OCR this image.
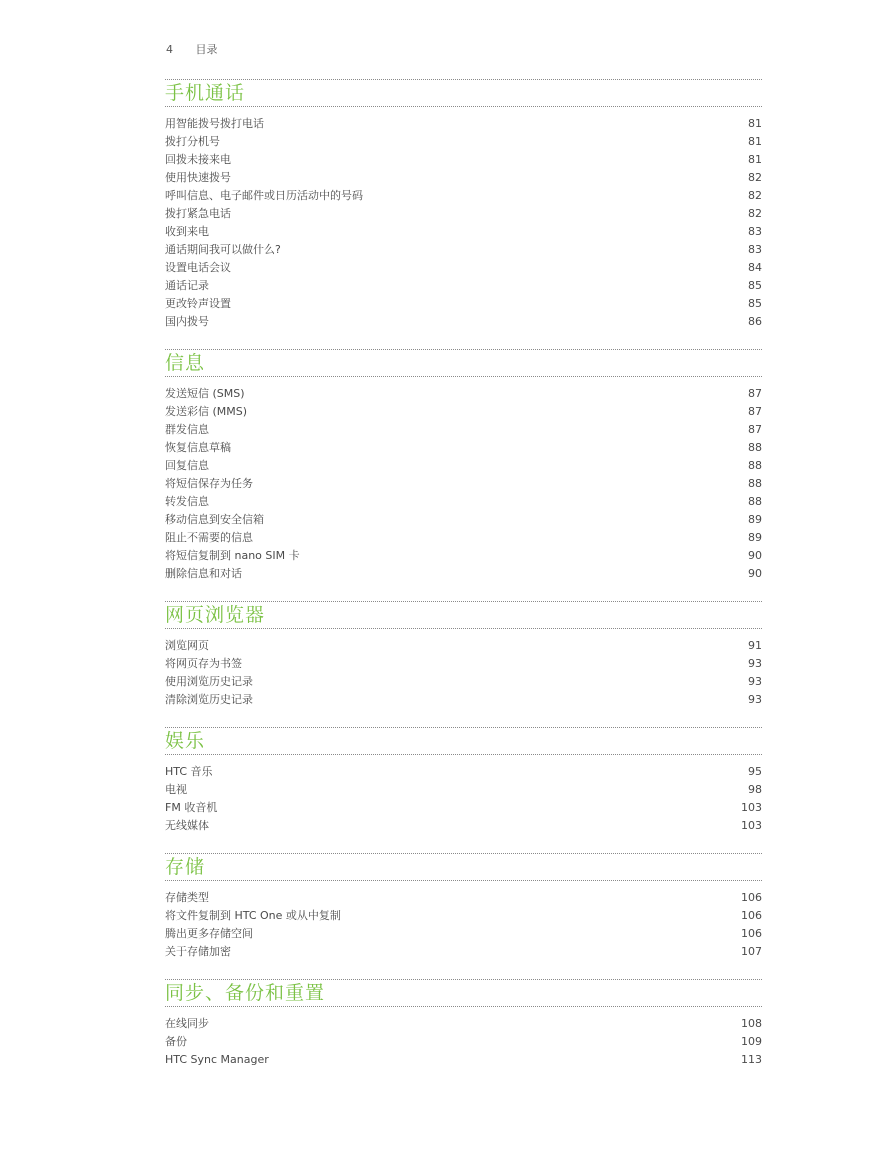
4 目录
手机通话
用智能拨号拨打电话	81
拨打分机号	81
回拨未接来电	81
使用快速拨号	82
呼叫信息、电子邮件或日历活动中的号码	82
拨打紧急电话	82
收到来电	83
通话期间我可以做什么?	83
设置电话会议	84
通话记录	85
更改铃声设置	85
国内拨号	86
信息
发送短信 (SMS)	87
发送彩信 (MMS)	87
群发信息	87
恢复信息草稿	88
回复信息	88
将短信保存为任务	88
转发信息	88
移动信息到安全信箱	89
阻止不需要的信息	89
将短信复制到 nano SIM 卡	90
删除信息和对话	90
网页浏览器
浏览网页	91
将网页存为书签	93
使用浏览历史记录	93
清除浏览历史记录	93
娱乐
HTC 音乐	95
电视	98
FM 收音机	103
无线媒体	103
存储
存储类型	106
将文件复制到 HTC One 或从中复制	106
腾出更多存储空间	106
关于存储加密	107
同步、备份和重置
在线同步	108
备份	109
HTC Sync Manager	113
